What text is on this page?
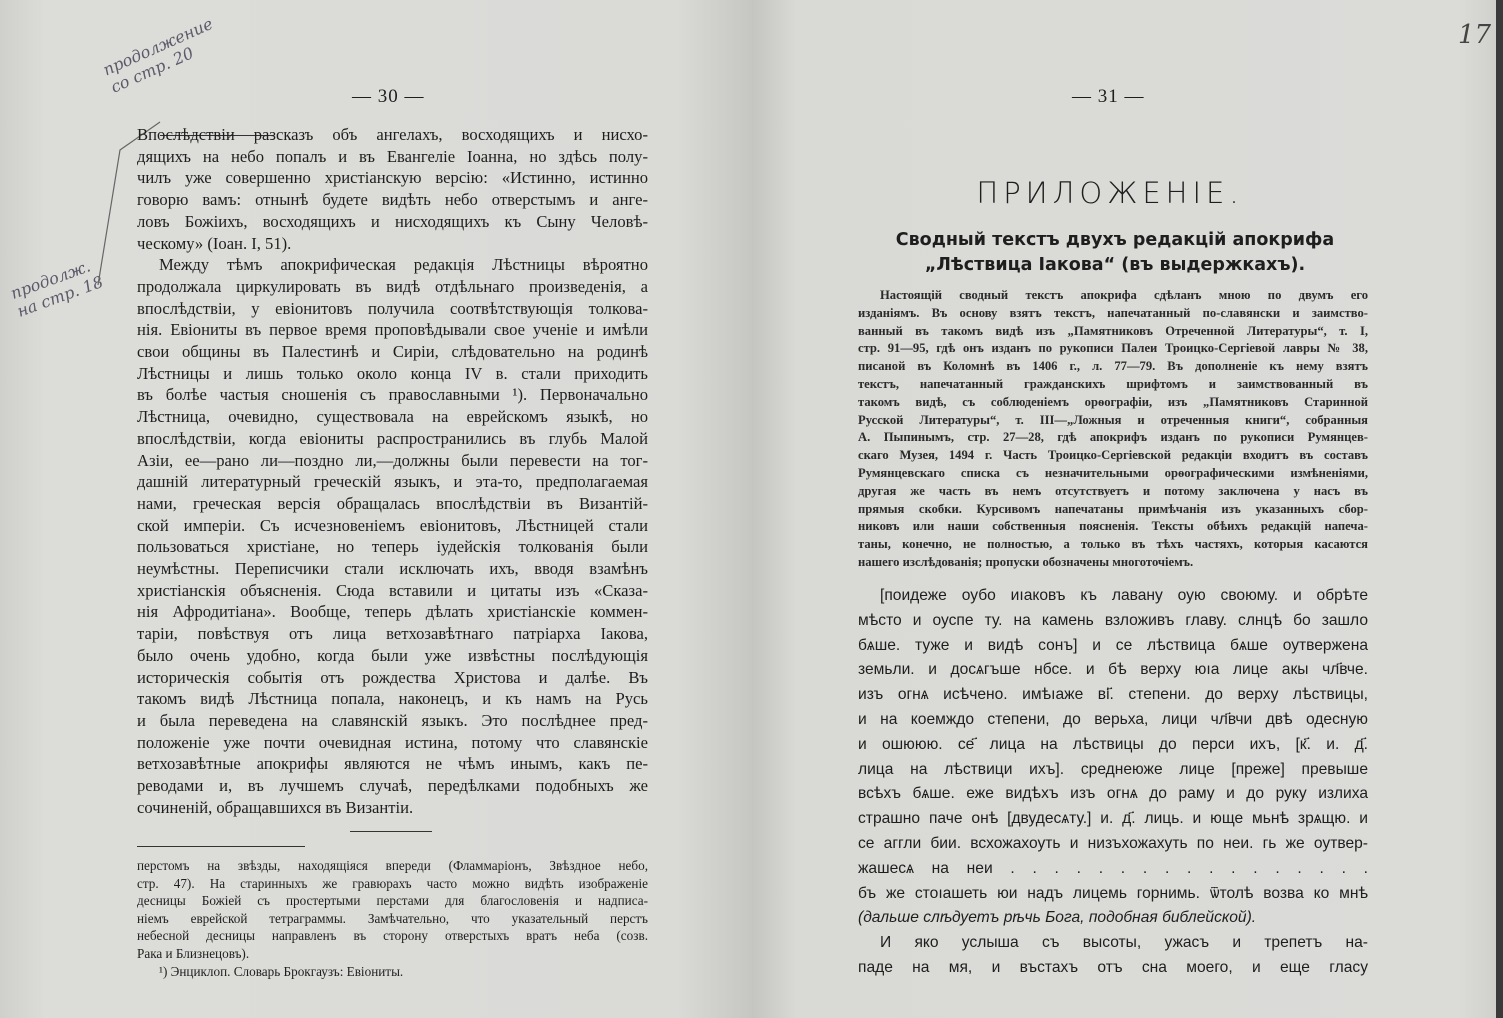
— 30 —	— 31 —
17
продолжение со стр. 20
продолж. на стр. 18
Впослѣдствіи разсказъ объ ангелахъ, восходящихъ и нисхо-
дящихъ на небо попалъ и въ Евангеліе Іоанна, но здѣсь полу-
чилъ уже совершенно христіанскую версію: «Истинно, истинно
говорю вамъ: отнынѣ будете видѣть небо отверстымъ и анге-
ловъ Божіихъ, восходящихъ и нисходящихъ къ Сыну Человѣ-
ческому» (Іоан. I, 51).
Между тѣмъ апокрифическая редакція Лѣстницы вѣроятно
продолжала циркулировать въ видѣ отдѣльнаго произведенія, а
впослѣдствіи, у евіонитовъ получила соотвѣтствующія толкова-
нія. Евіониты въ первое время проповѣдывали свое ученіе и имѣли
свои общины въ Палестинѣ и Сиріи, слѣдовательно на родинѣ
Лѣстницы и лишь только около конца IV в. стали приходить
въ болѣе частыя сношенія съ православными ¹). Первоначально
Лѣстница, очевидно, существовала на еврейскомъ языкѣ, но
впослѣдствіи, когда евіониты распространились въ глубь Малой
Азіи, ее—рано ли—поздно ли,—должны были перевести на тог-
дашній литературный греческій языкъ, и эта-то, предполагаемая
нами, греческая версія обращалась впослѣдствіи въ Византій-
ской имперіи. Съ исчезновеніемъ евіонитовъ, Лѣстницей стали
пользоваться христіане, но теперь іудейскія толкованія были
неумѣстны. Переписчики стали исключать ихъ, вводя взамѣнъ
христіанскія объясненія. Сюда вставили и цитаты изъ «Сказа-
нія Афродитіана». Вообще, теперь дѣлать христіанскіе коммен-
таріи, повѣствуя отъ лица ветхозавѣтнаго патріарха Іакова,
было очень удобно, когда были уже извѣстны послѣдующія
историческія событія отъ рождества Христова и далѣе. Въ
такомъ видѣ Лѣстница попала, наконецъ, и къ намъ на Русь
и была переведена на славянскій языкъ. Это послѣднее пред-
положеніе уже почти очевидная истина, потому что славянскіе
ветхозавѣтные апокрифы являются не чѣмъ инымъ, какъ пе-
реводами и, въ лучшемъ случаѣ, передѣлками подобныхъ же
сочиненій, обращавшихся въ Византіи.
перстомъ на звѣзды, находящіяся впереди (Фламмаріонъ, Звѣздное небо,
стр. 47). На старинныхъ же гравюрахъ часто можно видѣть изображеніе
десницы Божіей съ простертыми перстами для благословенія и надписа-
ніемъ еврейской тетраграммы. Замѣчательно, что указательный перстъ
небесной десницы направленъ въ сторону отверстыхъ вратъ неба (созв.
Рака и Близнецовъ).
¹) Энциклоп. Словарь Брокгаузъ: Евіониты.
ПРИЛОЖЕНІЕ.
Сводный текстъ двухъ редакцій апокрифа
„Лѣствица Іакова“ (въ выдержкахъ).
Настоящій сводный текстъ апокрифа сдѣланъ мною по двумъ его
изданіямъ. Въ основу взятъ текстъ, напечатанный по-славянски и заимство-
ванный въ такомъ видѣ изъ „Памятниковъ Отреченной Литературы“, т. I,
стр. 91—95, гдѣ онъ изданъ по рукописи Палеи Троицко-Сергіевой лавры № 38,
писаной въ Коломнѣ въ 1406 г., л. 77—79. Въ дополненіе къ нему взятъ
текстъ, напечатанный гражданскихъ шрифтомъ и заимствованный въ
такомъ видѣ, съ соблюденіемъ орѳографіи, изъ „Памятниковъ Старинной
Русской Литературы“, т. III—„Ложныя и отреченныя книги“, собранныя
А. Пыпинымъ, стр. 27—28, гдѣ апокрифъ изданъ по рукописи Румянцев-
скаго Музея, 1494 г. Часть Троицко-Сергіевской редакціи входитъ въ составъ
Румянцевскаго списка съ незначительными орѳографическими измѣненіями,
другая же часть въ немъ отсутствуетъ и потому заключена у насъ въ
прямыя скобки. Курсивомъ напечатаны примѣчанія изъ указанныхъ сбор-
никовъ или наши собственныя поясненія. Тексты обѣихъ редакцій напеча-
таны, конечно, не полностью, а только въ тѣхъ частяхъ, которыя касаются
нашего изслѣдованія; пропуски обозначены многоточіемъ.
[поидеже оубо иıаковъ къ лавану оую своюму. и обрѣте
мѣсто и оуспе ту. на камень взложивъ главу. слнцѣ бо зашло
бѧше. туже и видѣ сонъ] и се лѣствица бѧше оутвержена
земьли. и досѧгъше нбсе. и бѣ верху юıа лице акы чл҃вче.
изъ огнѧ исѣчено. имѣıаже ві҃. степени. до верху лѣствицы,
и на коемждо степени, до верьха, лици чл҃вчи двѣ одесную
и ошююю. се҃ лица на лѣствицы до перси ихъ, [к҃. и. д҃.
лица на лѣствици ихъ]. среднеюже лице [преже] превыше
всѣхъ бѧше. еже видѣхъ изъ огнѧ до раму и до руку излиха
страшно паче онѣ [двудесѧту.] и. д҃. лиць. и юще мьнѣ зрѧщю. и
се аггли бии. всхожахоуть и низъхожахуть по неи. гь же оутвер-
жашесѧ на неи . . . . . . . . . . . . . . . . .
бъ же стоıашеть юи надъ лицемь горнимь. ѿтолѣ возва ко мнѣ
(дальше слѣдуетъ рѣчь Бога, подобная библейской).
И яко услыша съ высоты, ужасъ и трепетъ на-
паде на мя, и въстахъ отъ сна моего, и еще гласу
